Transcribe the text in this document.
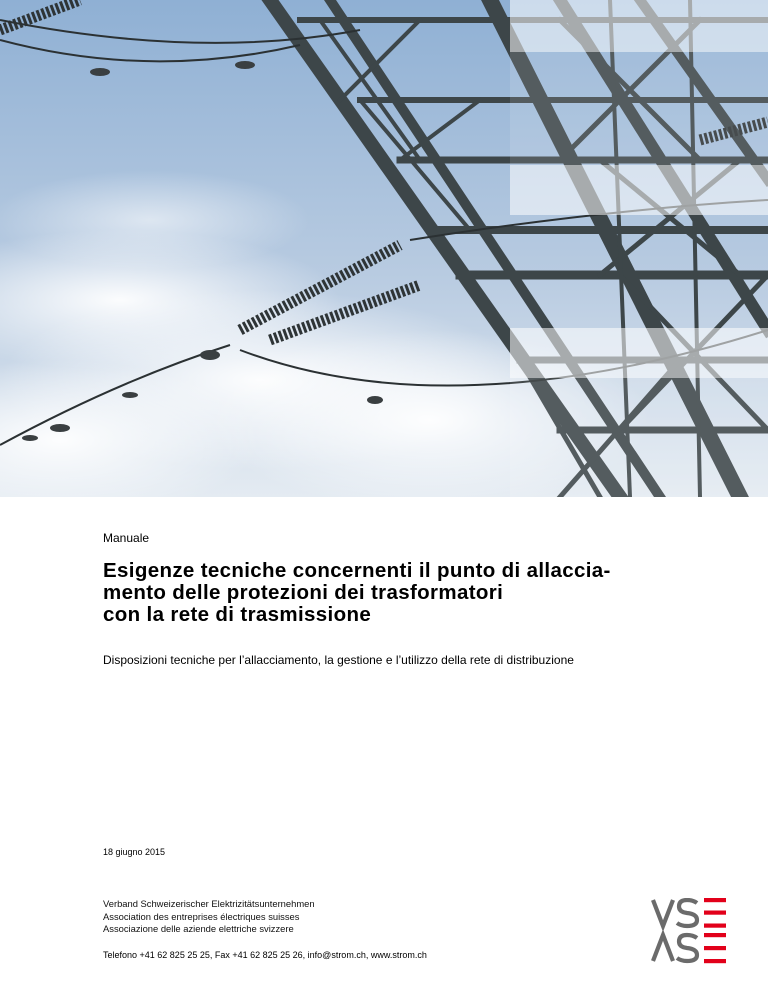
Manuale
Esigenze tecniche concernenti il punto di allaccia-
mento delle protezioni dei trasformatori
con la rete di trasmissione
Disposizioni tecniche per l’allacciamento, la gestione e l’utilizzo della rete di distribuzione
18 giugno 2015
Verband Schweizerischer Elektrizitätsunternehmen
Association des entreprises électriques suisses
Associazione delle aziende elettriche svizzere
Telefono +41 62 825 25 25, Fax +41 62 825 25 26, info@strom.ch, www.strom.ch
